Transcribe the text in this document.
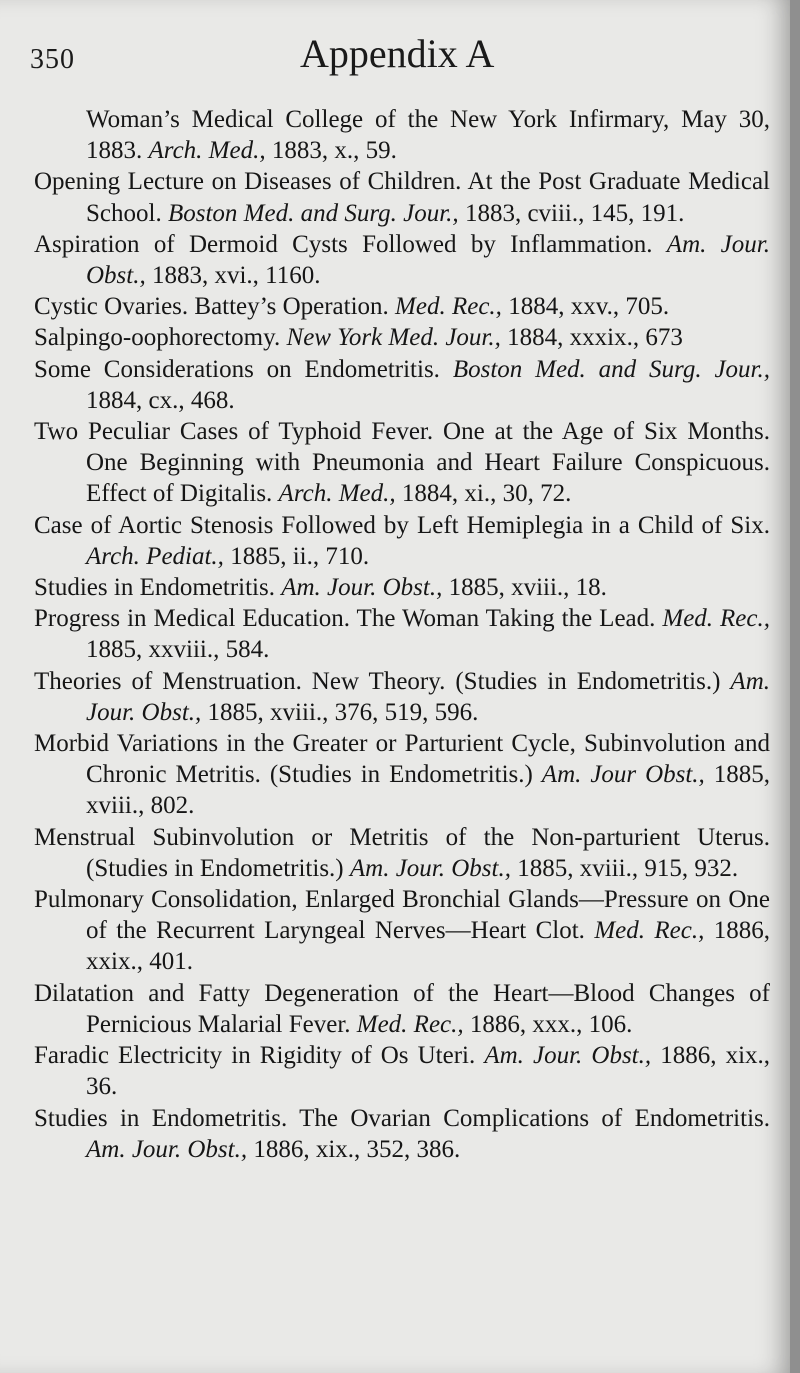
350	Appendix A

Woman’s Medical College of the New York Infirmary, May 30, 1883. Arch. Med., 1883, x., 59.

Opening Lecture on Diseases of Children. At the Post Graduate Medical School. Boston Med. and Surg. Jour., 1883, cviii., 145, 191.

Aspiration of Dermoid Cysts Followed by Inflammation. Am. Jour. Obst., 1883, xvi., 1160.

Cystic Ovaries. Battey’s Operation. Med. Rec., 1884, xxv., 705.

Salpingo-oophorectomy. New York Med. Jour., 1884, xxxix., 673

Some Considerations on Endometritis. Boston Med. and Surg. Jour., 1884, cx., 468.

Two Peculiar Cases of Typhoid Fever. One at the Age of Six Months. One Beginning with Pneumonia and Heart Failure Conspicuous. Effect of Digitalis. Arch. Med., 1884, xi., 30, 72.

Case of Aortic Stenosis Followed by Left Hemiplegia in a Child of Six. Arch. Pediat., 1885, ii., 710.

Studies in Endometritis. Am. Jour. Obst., 1885, xviii., 18.

Progress in Medical Education. The Woman Taking the Lead. Med. Rec., 1885, xxviii., 584.

Theories of Menstruation. New Theory. (Studies in Endometritis.) Am. Jour. Obst., 1885, xviii., 376, 519, 596.

Morbid Variations in the Greater or Parturient Cycle, Subinvolution and Chronic Metritis. (Studies in Endometritis.) Am. Jour Obst., 1885, xviii., 802.

Menstrual Subinvolution or Metritis of the Non-parturient Uterus. (Studies in Endometritis.) Am. Jour. Obst., 1885, xviii., 915, 932.

Pulmonary Consolidation, Enlarged Bronchial Glands—Pressure on One of the Recurrent Laryngeal Nerves—Heart Clot. Med. Rec., 1886, xxix., 401.

Dilatation and Fatty Degeneration of the Heart—Blood Changes of Pernicious Malarial Fever. Med. Rec., 1886, xxx., 106.

Faradic Electricity in Rigidity of Os Uteri. Am. Jour. Obst., 1886, xix., 36.

Studies in Endometritis. The Ovarian Complications of Endometritis. Am. Jour. Obst., 1886, xix., 352, 386.
